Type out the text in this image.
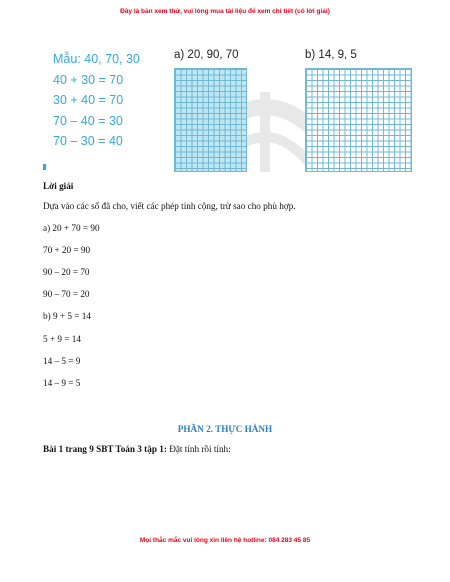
Đây là bản xem thử, vui lòng mua tài liệu để xem chi tiết (có lời giải)
Mẫu: 40, 70, 30
40 + 30 = 70
30 + 40 = 70
70 – 40 = 30
70 – 30 = 40
a) 20, 90, 70	b) 14, 9, 5

Lời giải

Dựa vào các số đã cho, viết các phép tính cộng, trừ sao cho phù hợp.

a) 20 + 70 = 90

70 + 20 = 90

90 – 20 = 70

90 – 70 = 20

b) 9 + 5 = 14

5 + 9 = 14

14 – 5 = 9

14 – 9 = 5

PHẦN 2. THỰC HÀNH
Bài 1 trang 9 SBT Toán 3 tập 1: Đặt tính rồi tính:
Mọi thắc mắc vui lòng xin liên hệ hotline: 084 283 45 85
